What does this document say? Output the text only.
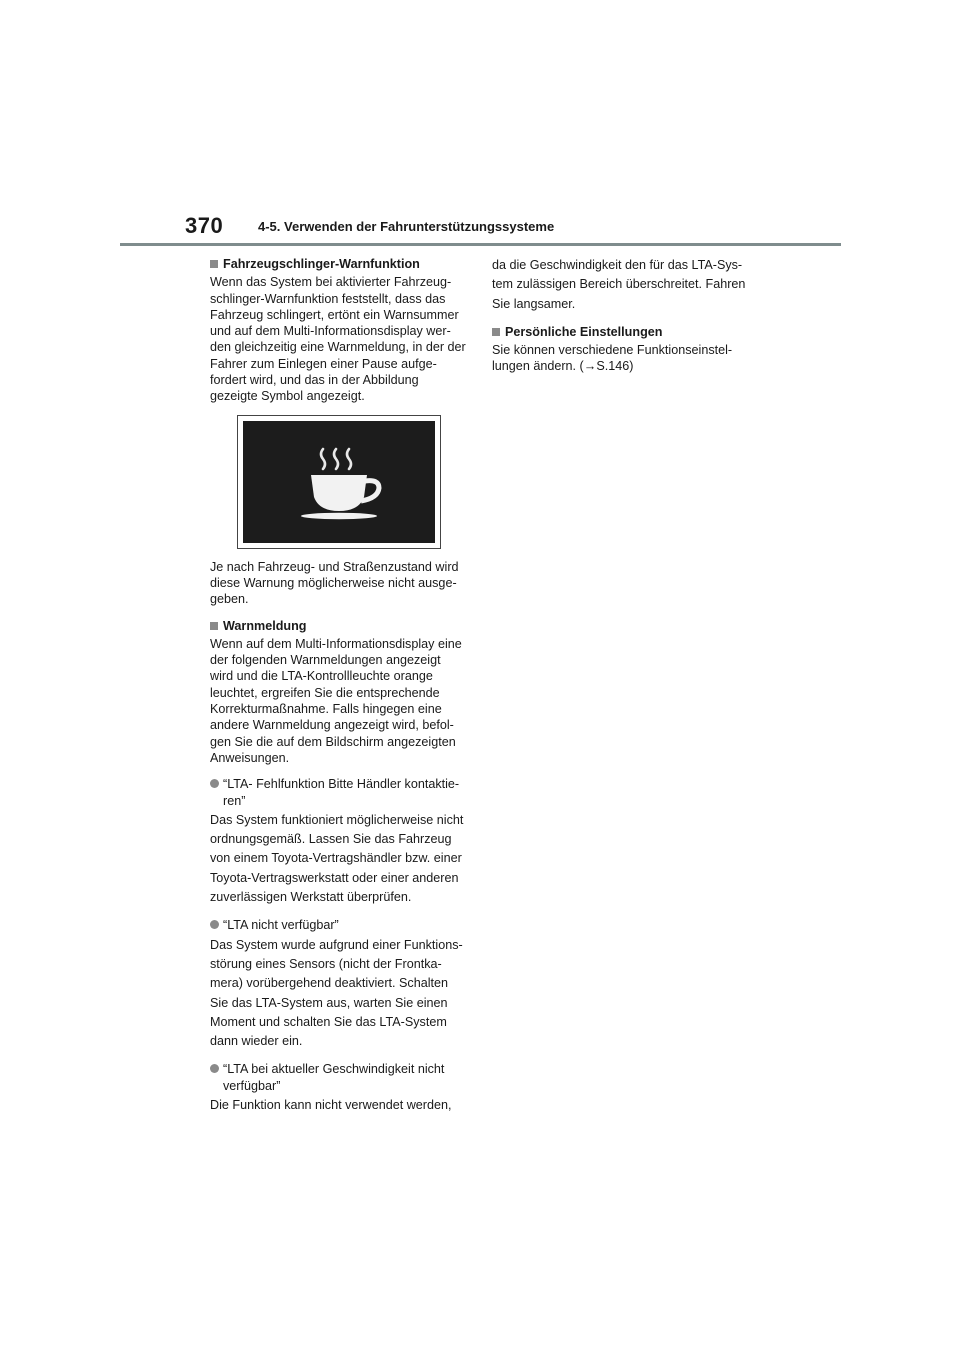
370	4-5. Verwenden der Fahrunterstützungssysteme
Fahrzeugschlinger-Warnfunktion

Wenn das System bei aktivierter Fahrzeug-schlinger-Warnfunktion feststellt, dass das Fahrzeug schlingert, ertönt ein Warnsummer und auf dem Multi-Informationsdisplay wer-den gleichzeitig eine Warnmeldung, in der der Fahrer zum Einlegen einer Pause aufge-fordert wird, und das in der Abbildung gezeigte Symbol angezeigt.

Je nach Fahrzeug- und Straßenzustand wird diese Warnung möglicherweise nicht ausge-geben.

Warnmeldung

Wenn auf dem Multi-Informationsdisplay eine der folgenden Warnmeldungen angezeigt wird und die LTA-Kontrollleuchte orange leuchtet, ergreifen Sie die entsprechende Korrekturmaßnahme. Falls hingegen eine andere Warnmeldung angezeigt wird, befol-gen Sie die auf dem Bildschirm angezeigten Anweisungen.

“LTA- Fehlfunktion Bitte Händler kontaktie-ren”

Das System funktioniert möglicherweise nicht ordnungsgemäß. Lassen Sie das Fahrzeug von einem Toyota-Vertragshändler bzw. einer Toyota-Vertragswerkstatt oder einer anderen zuverlässigen Werkstatt überprüfen.

“LTA nicht verfügbar”

Das System wurde aufgrund einer Funktions-störung eines Sensors (nicht der Frontka-mera) vorübergehend deaktiviert. Schalten Sie das LTA-System aus, warten Sie einen Moment und schalten Sie das LTA-System dann wieder ein.

“LTA bei aktueller Geschwindigkeit nicht verfügbar”

Die Funktion kann nicht verwendet werden,

da die Geschwindigkeit den für das LTA-Sys-tem zulässigen Bereich überschreitet. Fahren Sie langsamer.

Persönliche Einstellungen

Sie können verschiedene Funktionseinstel-lungen ändern. (→S.146)
